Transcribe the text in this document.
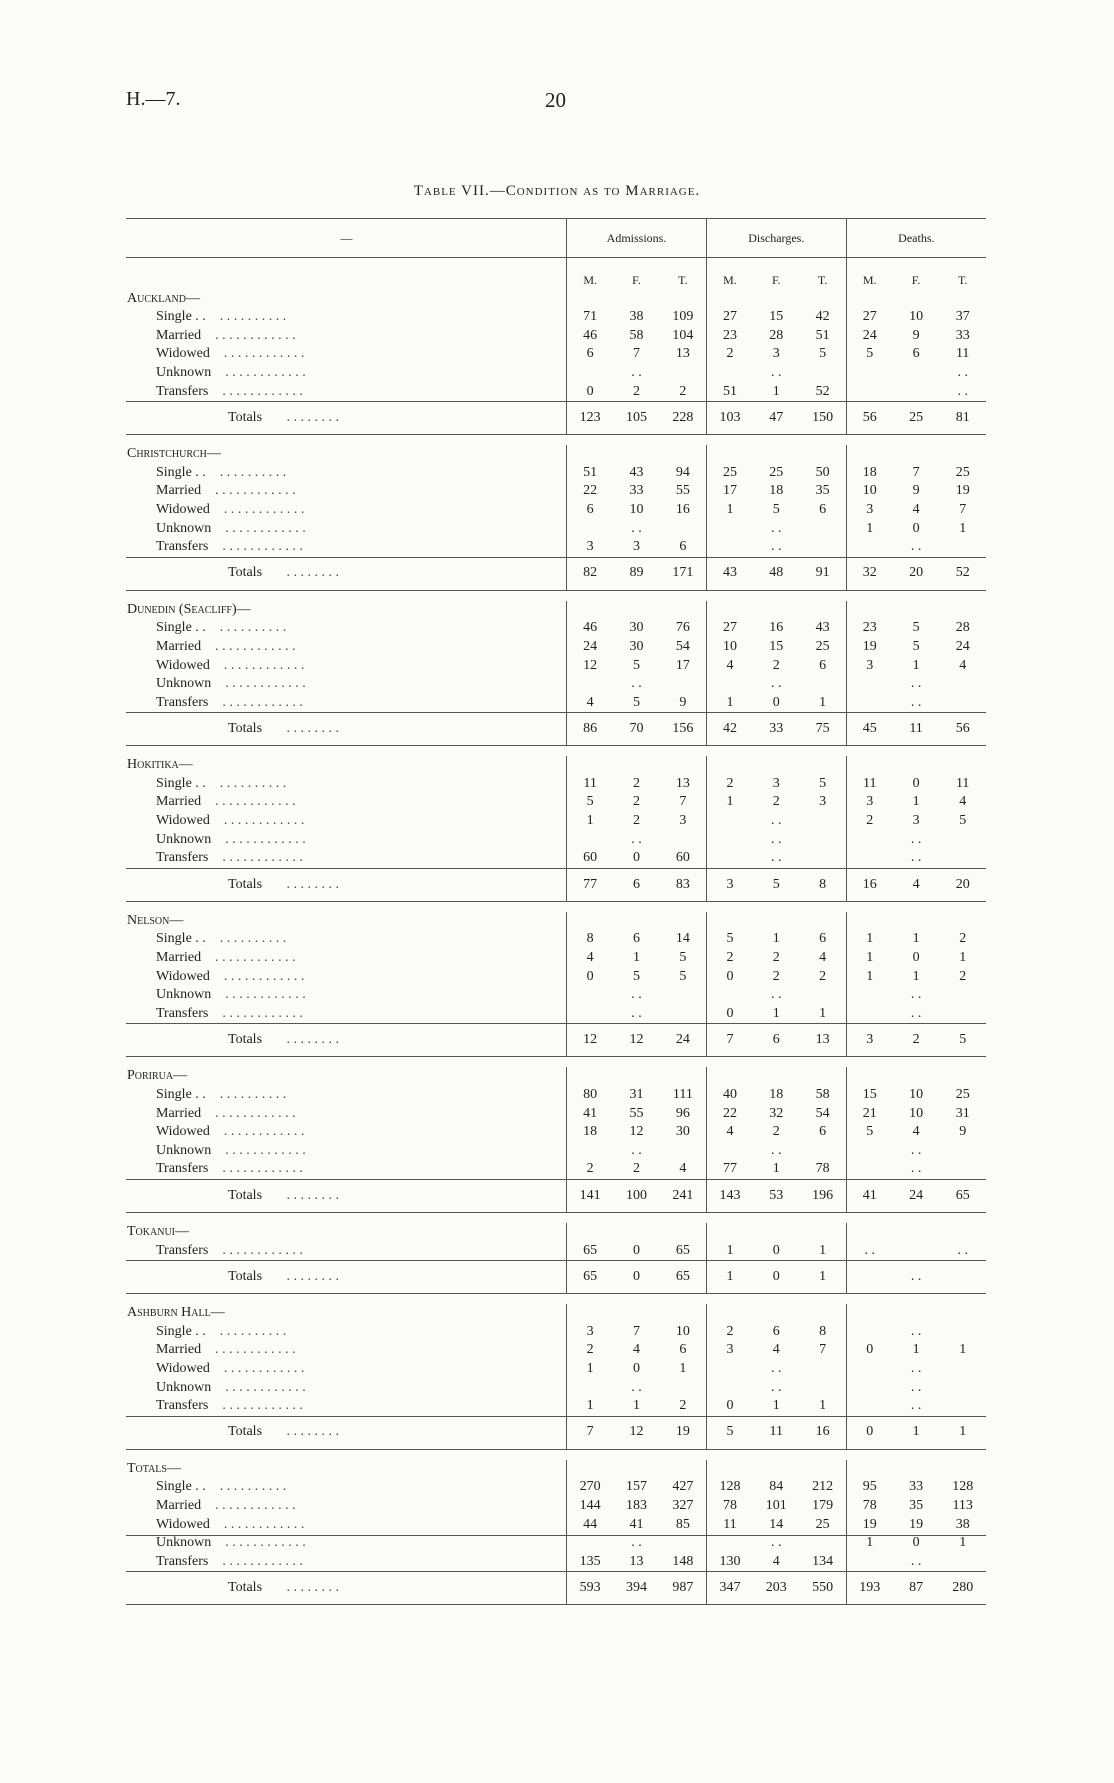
H.—7.	20
Table VII.—Condition as to Marriage.
—	Admissions.			Discharges.			Deaths.		
	M.	F.	T.	M.	F.	T.	M.	F.	T.
Auckland—									
Single . . . . . . . . . . . .	71	38	109	27	15	42	27	10	37
Married . . . . . . . . . . . .	46	58	104	23	28	51	24	9	33
Widowed . . . . . . . . . . . .	6	7	13	2	3	5	5	6	11
Unknown . . . . . . . . . . . .		. .			. .				. .
Transfers . . . . . . . . . . . .	0	2	2	51	1	52			. .
Totals . . . . . . . .	123	105	228	103	47	150	56	25	81

Christchurch—									
Single . . . . . . . . . . . .	51	43	94	25	25	50	18	7	25
Married . . . . . . . . . . . .	22	33	55	17	18	35	10	9	19
Widowed . . . . . . . . . . . .	6	10	16	1	5	6	3	4	7
Unknown . . . . . . . . . . . .		. .			. .		1	0	1
Transfers . . . . . . . . . . . .	3	3	6		. .			. .	
Totals . . . . . . . .	82	89	171	43	48	91	32	20	52

Dunedin (Seacliff)—									
Single . . . . . . . . . . . .	46	30	76	27	16	43	23	5	28
Married . . . . . . . . . . . .	24	30	54	10	15	25	19	5	24
Widowed . . . . . . . . . . . .	12	5	17	4	2	6	3	1	4
Unknown . . . . . . . . . . . .		. .			. .			. .	
Transfers . . . . . . . . . . . .	4	5	9	1	0	1		. .	
Totals . . . . . . . .	86	70	156	42	33	75	45	11	56

Hokitika—									
Single . . . . . . . . . . . .	11	2	13	2	3	5	11	0	11
Married . . . . . . . . . . . .	5	2	7	1	2	3	3	1	4
Widowed . . . . . . . . . . . .	1	2	3		. .		2	3	5
Unknown . . . . . . . . . . . .		. .			. .			. .	
Transfers . . . . . . . . . . . .	60	0	60		. .			. .	
Totals . . . . . . . .	77	6	83	3	5	8	16	4	20

Nelson—									
Single . . . . . . . . . . . .	8	6	14	5	1	6	1	1	2
Married . . . . . . . . . . . .	4	1	5	2	2	4	1	0	1
Widowed . . . . . . . . . . . .	0	5	5	0	2	2	1	1	2
Unknown . . . . . . . . . . . .		. .			. .			. .	
Transfers . . . . . . . . . . . .		. .		0	1	1		. .	
Totals . . . . . . . .	12	12	24	7	6	13	3	2	5

Porirua—									
Single . . . . . . . . . . . .	80	31	111	40	18	58	15	10	25
Married . . . . . . . . . . . .	41	55	96	22	32	54	21	10	31
Widowed . . . . . . . . . . . .	18	12	30	4	2	6	5	4	9
Unknown . . . . . . . . . . . .		. .			. .			. .	
Transfers . . . . . . . . . . . .	2	2	4	77	1	78		. .	
Totals . . . . . . . .	141	100	241	143	53	196	41	24	65

Tokanui—									
Transfers . . . . . . . . . . . .	65	0	65	1	0	1	. .		. .
Totals . . . . . . . .	65	0	65	1	0	1		. .	

Ashburn Hall—									
Single . . . . . . . . . . . .	3	7	10	2	6	8		. .	
Married . . . . . . . . . . . .	2	4	6	3	4	7	0	1	1
Widowed . . . . . . . . . . . .	1	0	1		. .			. .	
Unknown . . . . . . . . . . . .		. .			. .			. .	
Transfers . . . . . . . . . . . .	1	1	2	0	1	1		. .	
Totals . . . . . . . .	7	12	19	5	11	16	0	1	1

Totals—									
Single . . . . . . . . . . . .	270	157	427	128	84	212	95	33	128
Married . . . . . . . . . . . .	144	183	327	78	101	179	78	35	113
Widowed . . . . . . . . . . . .	44	41	85	11	14	25	19	19	38
Unknown . . . . . . . . . . . .		. .			. .		1	0	1
Transfers . . . . . . . . . . . .	135	13	148	130	4	134		. .	
Totals . . . . . . . .	593	394	987	347	203	550	193	87	280
